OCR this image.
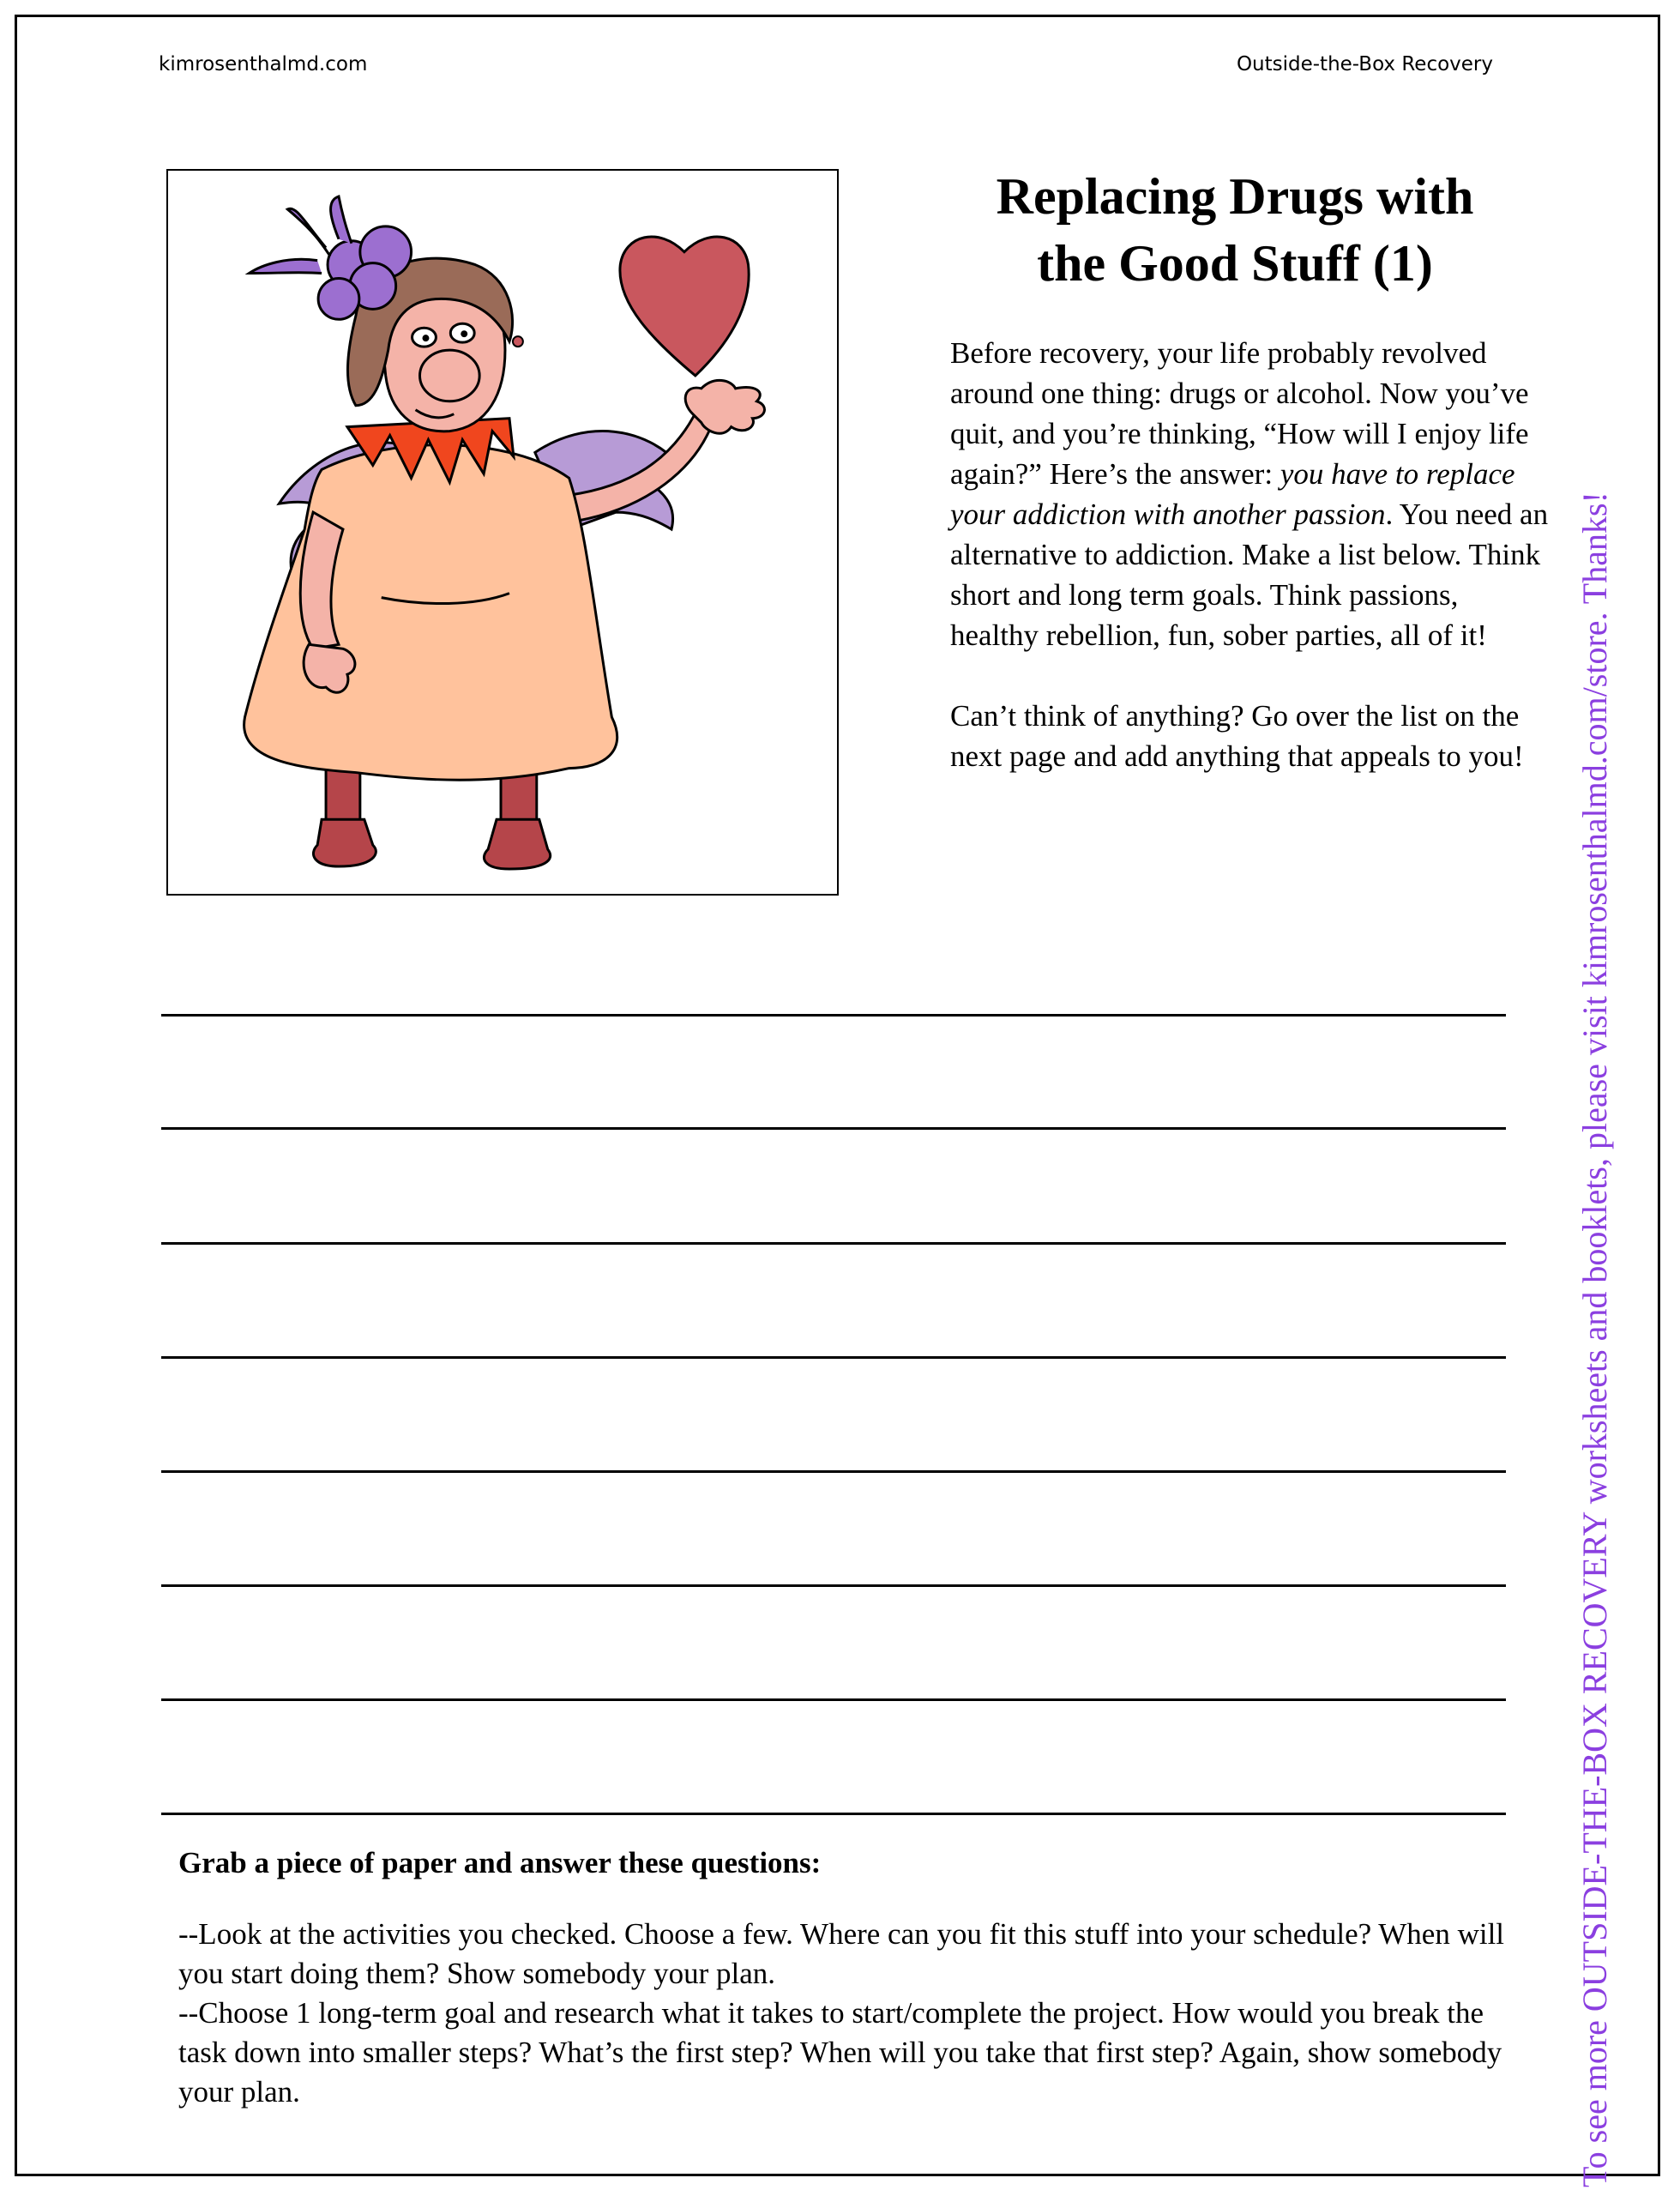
kimrosenthalmd.com	Outside-the-Box Recovery
Replacing Drugs with
the Good Stuff (1)

Before recovery, your life probably revolved around one thing: drugs or alcohol. Now you’ve quit, and you’re thinking, “How will I enjoy life again?” Here’s the answer: you have to replace your addiction with another passion. You need an alternative to addiction. Make a list below. Think short and long term goals. Think passions, healthy rebellion, fun, sober parties, all of it!

Can’t think of anything? Go over the list on the next page and add anything that appeals to you!

Grab a piece of paper and answer these questions:

--Look at the activities you checked. Choose a few. Where can you fit this stuff into your schedule? When will you start doing them? Show somebody your plan.

--Choose 1 long-term goal and research what it takes to start/complete the project. How would you break the task down into smaller steps? What’s the first step? When will you take that first step? Again, show somebody your plan.	To see more OUTSIDE-THE-BOX RECOVERY worksheets and booklets, please visit kimrosenthalmd.com/store. Thanks!
